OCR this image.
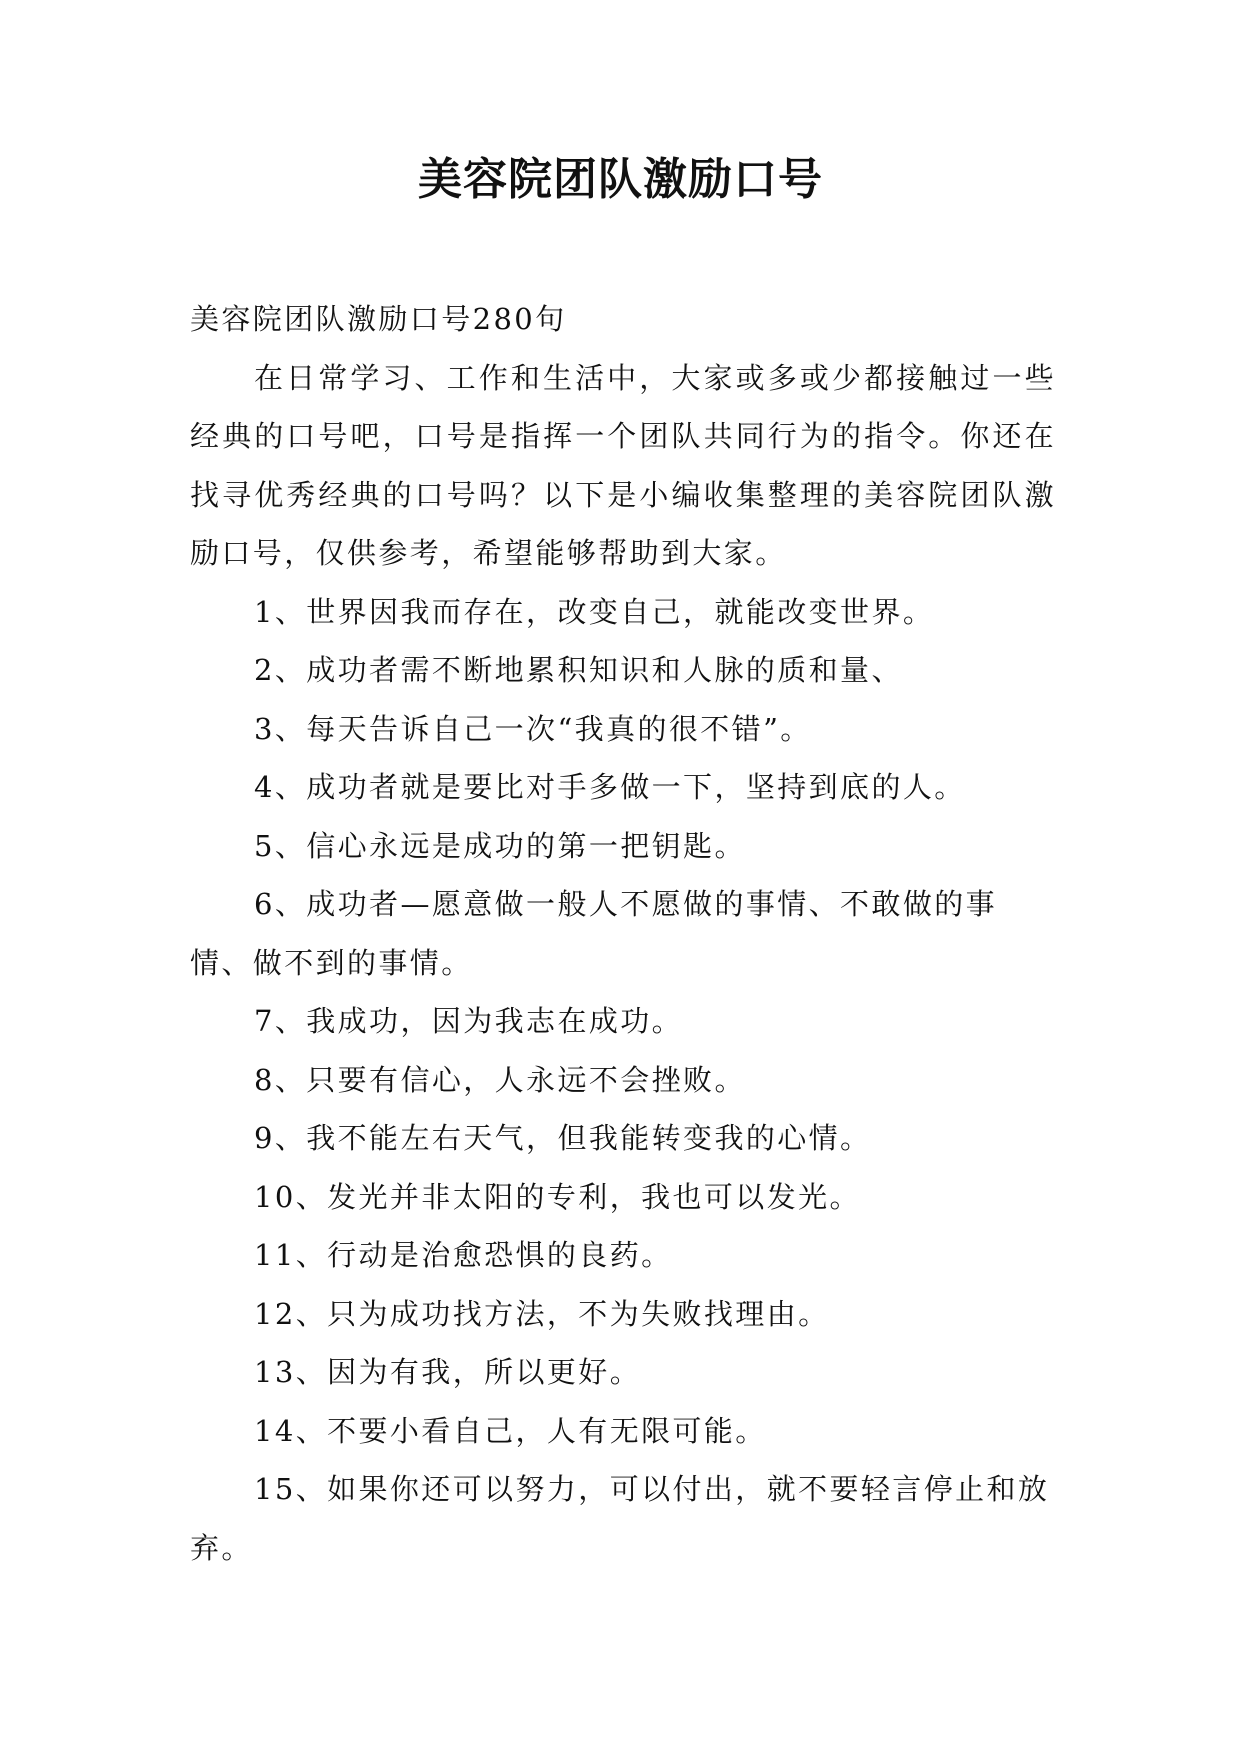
美容院团队激励口号

美容院团队激励口号280句

在日常学习、工作和生活中，大家或多或少都接触过一些经典的口号吧，口号是指挥一个团队共同行为的指令。你还在找寻优秀经典的口号吗？以下是小编收集整理的美容院团队激励口号，仅供参考，希望能够帮助到大家。

1、世界因我而存在，改变自己，就能改变世界。

2、成功者需不断地累积知识和人脉的质和量、

3、每天告诉自己一次“我真的很不错”。

4、成功者就是要比对手多做一下，坚持到底的人。

5、信心永远是成功的第一把钥匙。

6、成功者—愿意做一般人不愿做的事情、不敢做的事情、做不到的事情。

7、我成功，因为我志在成功。

8、只要有信心，人永远不会挫败。

9、我不能左右天气，但我能转变我的心情。

10、发光并非太阳的专利，我也可以发光。

11、行动是治愈恐惧的良药。

12、只为成功找方法，不为失败找理由。

13、因为有我，所以更好。

14、不要小看自己，人有无限可能。

15、如果你还可以努力，可以付出，就不要轻言停止和放弃。
